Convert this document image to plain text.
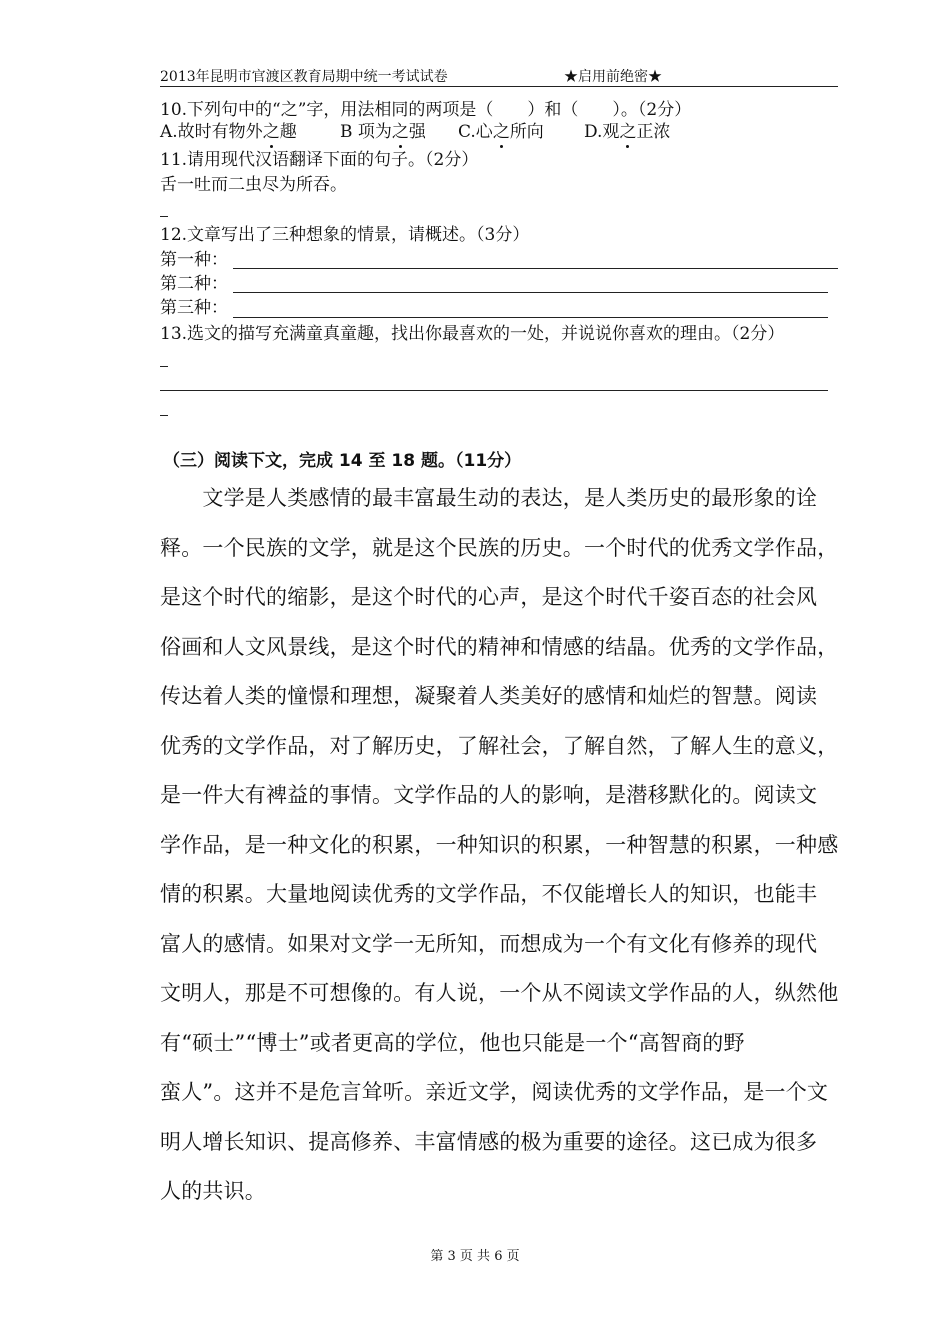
2013年昆明市官渡区教育局期中统一考试试卷	★启用前绝密★
10.下列句中的“之”字，用法相同的两项是（　　）和（　　）。（2分）
A.故时有物外之趣	B 项为之强 C.心之所向 D.观之正浓
11.请用现代汉语翻译下面的句子。（2分）
舌一吐而二虫尽为所吞。
12.文章写出了三种想象的情景，请概述。（3分）
第一种：
第二种：
第三种：
13.选文的描写充满童真童趣，找出你最喜欢的一处，并说说你喜欢的理由。（2分）
（三）阅读下文，完成 14 至 18 题。（11分）
　　文学是人类感情的最丰富最生动的表达，是人类历史的最形象的诠
释。一个民族的文学，就是这个民族的历史。一个时代的优秀文学作品，
是这个时代的缩影，是这个时代的心声，是这个时代千姿百态的社会风
俗画和人文风景线，是这个时代的精神和情感的结晶。优秀的文学作品，
传达着人类的憧憬和理想，凝聚着人类美好的感情和灿烂的智慧。阅读
优秀的文学作品，对了解历史，了解社会，了解自然，了解人生的意义，
是一件大有裨益的事情。文学作品的人的影响，是潜移默化的。阅读文
学作品，是一种文化的积累，一种知识的积累，一种智慧的积累，一种感
情的积累。大量地阅读优秀的文学作品，不仅能增长人的知识，也能丰
富人的感情。如果对文学一无所知，而想成为一个有文化有修养的现代
文明人，那是不可想像的。有人说，一个从不阅读文学作品的人，纵然他
有“硕士”“博士”或者更高的学位，他也只能是一个“高智商的野
蛮人”。这并不是危言耸听。亲近文学，阅读优秀的文学作品，是一个文
明人增长知识、提高修养、丰富情感的极为重要的途径。这已成为很多
人的共识。
第 3 页 共 6 页
